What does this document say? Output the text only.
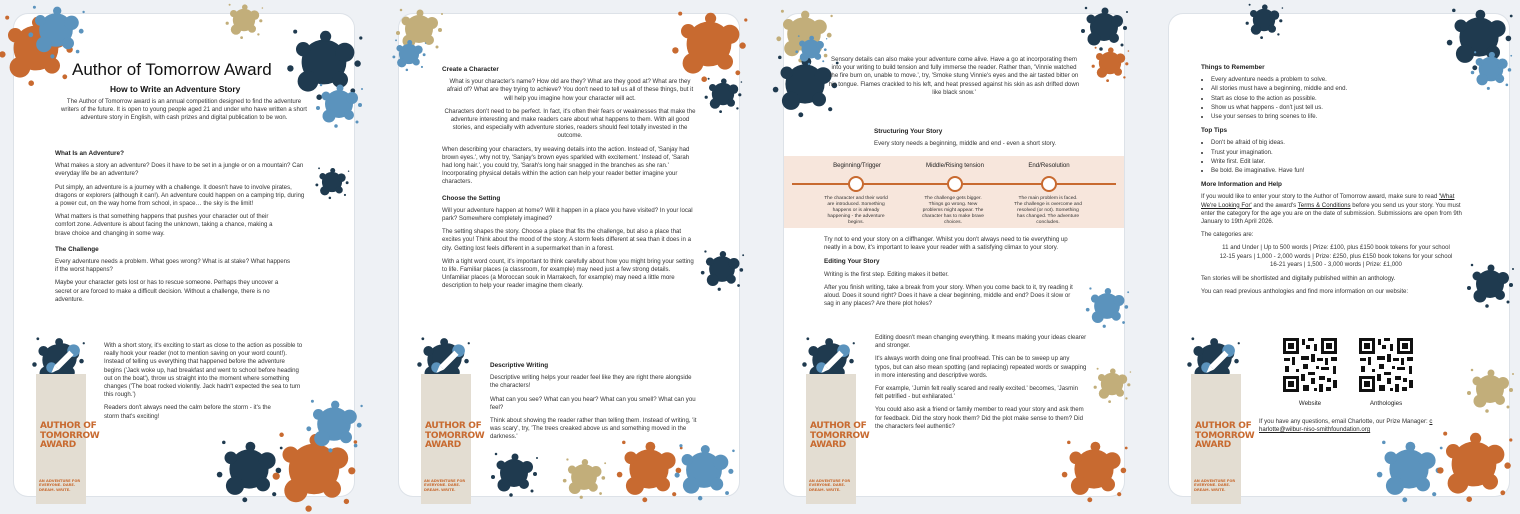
Author of Tomorrow Award
How to Write an Adventure Story
The Author of Tomorrow award is an annual competition designed to find the adventure writers of the future. It is open to young people aged 21 and under who have written a short adventure story in English, with cash prizes and digital publication to be won.
What Is an Adventure?

What makes a story an adventure? Does it have to be set in a jungle or on a mountain? Can everyday life be an adventure?

Put simply, an adventure is a journey with a challenge. It doesn't have to involve pirates, dragons or explorers (although it can!). An adventure could happen on a camping trip, during a power cut, on the way home from school, in space… the sky is the limit!

What matters is that something happens that pushes your character out of their comfort zone. Adventure is about facing the unknown, taking a chance, making a brave choice and changing in some way.

The Challenge

Every adventure needs a problem. What goes wrong? What is at stake? What happens if the worst happens?

Maybe your character gets lost or has to rescue someone. Perhaps they uncover a secret or are forced to make a difficult decision. Without a challenge, there is no adventure.

AUTHOR OF TOMORROW AWARD
AN ADVENTURE FOR EVERYONE. DARE. DREAM. WRITE.

With a short story, it's exciting to start as close to the action as possible to really hook your reader (not to mention saving on your word count!). Instead of telling us everything that happened before the adventure begins ('Jack woke up, had breakfast and went to school before heading out on the boat'), throw us straight into the moment where something changes ('The boat rocked violently. Jack hadn't expected the sea to turn this rough.')

Readers don't always need the calm before the storm - it's the storm that's exciting!

Create a Character

What is your character's name? How old are they? What are they good at? What are they afraid of? What are they trying to achieve? You don't need to tell us all of these things, but it will help you imagine how your character will act.

Characters don't need to be perfect. In fact, it's often their fears or weaknesses that make the adventure interesting and make readers care about what happens to them. With all good stories, and especially with adventure stories, readers should feel totally invested in the outcome.

When describing your characters, try weaving details into the action. Instead of, 'Sanjay had brown eyes.', why not try, 'Sanjay's brown eyes sparkled with excitement.' Instead of, 'Sarah had long hair.', you could try, 'Sarah's long hair snagged in the branches as she ran.' Incorporating physical details within the action can help your reader better imagine your characters.

Choose the Setting

Will your adventure happen at home? Will it happen in a place you have visited? In your local park? Somewhere completely imagined?

The setting shapes the story. Choose a place that fits the challenge, but also a place that excites you! Think about the mood of the story. A storm feels different at sea than it does in a city. Getting lost feels different in a supermarket than in a forest.

With a tight word count, it's important to think carefully about how you might bring your setting to life. Familiar places (a classroom, for example) may need just a few strong details. Unfamiliar places (a Moroccan souk in Marrakech, for example) may need a little more description to help your reader imagine them clearly.

AUTHOR OF TOMORROW AWARD
AN ADVENTURE FOR EVERYONE. DARE. DREAM. WRITE.
Descriptive Writing

Descriptive writing helps your reader feel like they are right there alongside the characters!

What can you see? What can you hear? What can you smell? What can you feel?

Think about showing the reader rather than telling them. Instead of writing, 'it was scary', try, 'The trees creaked above us and something moved in the darkness.'

Sensory details can also make your adventure come alive. Have a go at incorporating them into your writing to build tension and fully immerse the reader. Rather than, 'Vinnie watched the fire burn on, unable to move.', try, 'Smoke stung Vinnie's eyes and the air tasted bitter on his tongue. Flames crackled to his left, and heat pressed against his skin as ash drifted down like black snow.'
Structuring Your Story

Every story needs a beginning, middle and end - even a short story.

Beginning/Trigger	Middle/Rising tension	End/Resolution
The character and their world are introduced. Something happens or is already happening - the adventure begins.
The challenge gets bigger. Things go wrong. New problems might appear. The character has to make brave choices.
The main problem is faced. The challenge is overcome and resolved (or not). Something has changed. The adventure concludes.

Try not to end your story on a cliffhanger. Whilst you don't always need to tie everything up neatly in a bow, it's important to leave your reader with a satisfying climax to your story.

Editing Your Story

Writing is the first step. Editing makes it better.

After you finish writing, take a break from your story. When you come back to it, try reading it aloud. Does it sound right? Does it have a clear beginning, middle and end? Does it slow or sag in any places? Are there plot holes?

AUTHOR OF TOMORROW AWARD
AN ADVENTURE FOR EVERYONE. DARE. DREAM. WRITE.

Editing doesn't mean changing everything. It means making your ideas clearer and stronger.

It's always worth doing one final proofread. This can be to sweep up any typos, but can also mean spotting (and replacing) repeated words or swapping in more interesting and descriptive words.

For example, 'Jumin felt really scared and really excited.' becomes, 'Jasmin felt petrified - but exhilarated.'

You could also ask a friend or family member to read your story and ask them for feedback. Did the story hook them? Did the plot make sense to them? Did the characters feel authentic?

Things to Remember
• Every adventure needs a problem to solve.
• All stories must have a beginning, middle and end.
• Start as close to the action as possible.
• Show us what happens - don't just tell us.
• Use your senses to bring scenes to life.
Top Tips
• Don't be afraid of big ideas.
• Trust your imagination.
• Write first. Edit later.
• Be bold. Be imaginative. Have fun!
More Information and Help

If you would like to enter your story to the Author of Tomorrow award, make sure to read 'What We're Looking For' and the award's Terms & Conditions before you send us your story. You must enter the category for the age you are on the date of submission. Submissions are open from 9th January to 19th April 2026.

The categories are:

11 and Under | Up to 500 words | Prize: £100, plus £150 book tokens for your school
12-15 years | 1,000 - 2,000 words | Prize: £250, plus £150 book tokens for your school
16-21 years | 1,500 - 3,000 words | Prize: £1,000

Ten stories will be shortlisted and digitally published within an anthology.

You can read previous anthologies and find more information on our website:

Website	Anthologies
AUTHOR OF TOMORROW AWARD
AN ADVENTURE FOR EVERYONE. DARE. DREAM. WRITE.

If you have any questions, email Charlotte, our Prize Manager: charlotte@wilbur-niso-smithfoundation.org
